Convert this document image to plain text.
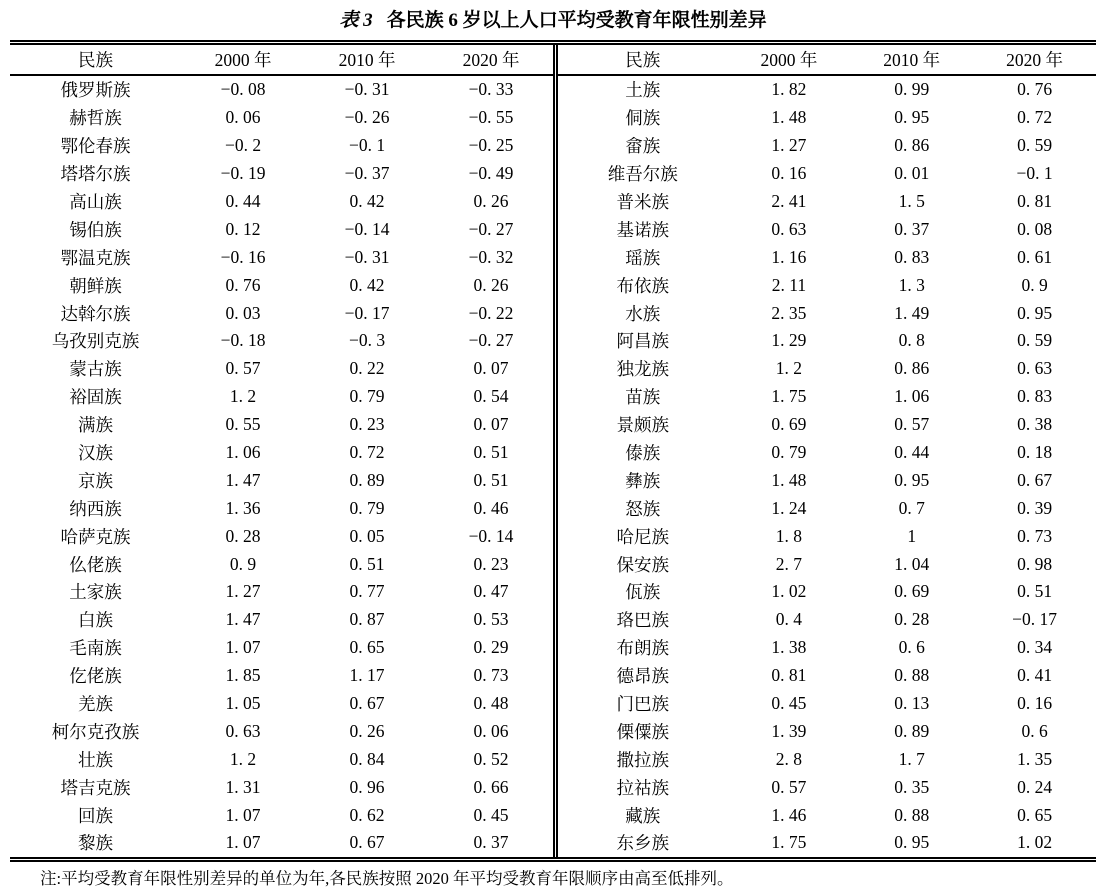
表 3 各民族 6 岁以上人口平均受教育年限性别差异
民族	2000 年	2010 年	2020 年
俄罗斯族	−0. 08	−0. 31	−0. 33
赫哲族	0. 06	−0. 26	−0. 55
鄂伦春族	−0. 2	−0. 1	−0. 25
塔塔尔族	−0. 19	−0. 37	−0. 49
高山族	0. 44	0. 42	0. 26
锡伯族	0. 12	−0. 14	−0. 27
鄂温克族	−0. 16	−0. 31	−0. 32
朝鲜族	0. 76	0. 42	0. 26
达斡尔族	0. 03	−0. 17	−0. 22
乌孜别克族	−0. 18	−0. 3	−0. 27
蒙古族	0. 57	0. 22	0. 07
裕固族	1. 2	0. 79	0. 54
满族	0. 55	0. 23	0. 07
汉族	1. 06	0. 72	0. 51
京族	1. 47	0. 89	0. 51
纳西族	1. 36	0. 79	0. 46
哈萨克族	0. 28	0. 05	−0. 14
仫佬族	0. 9	0. 51	0. 23
土家族	1. 27	0. 77	0. 47
白族	1. 47	0. 87	0. 53
毛南族	1. 07	0. 65	0. 29
仡佬族	1. 85	1. 17	0. 73
羌族	1. 05	0. 67	0. 48
柯尔克孜族	0. 63	0. 26	0. 06
壮族	1. 2	0. 84	0. 52
塔吉克族	1. 31	0. 96	0. 66
回族	1. 07	0. 62	0. 45
黎族	1. 07	0. 67	0. 37
民族	2000 年	2010 年	2020 年
土族	1. 82	0. 99	0. 76
侗族	1. 48	0. 95	0. 72
畲族	1. 27	0. 86	0. 59
维吾尔族	0. 16	0. 01	−0. 1
普米族	2. 41	1. 5	0. 81
基诺族	0. 63	0. 37	0. 08
瑶族	1. 16	0. 83	0. 61
布依族	2. 11	1. 3	0. 9
水族	2. 35	1. 49	0. 95
阿昌族	1. 29	0. 8	0. 59
独龙族	1. 2	0. 86	0. 63
苗族	1. 75	1. 06	0. 83
景颇族	0. 69	0. 57	0. 38
傣族	0. 79	0. 44	0. 18
彝族	1. 48	0. 95	0. 67
怒族	1. 24	0. 7	0. 39
哈尼族	1. 8	1	0. 73
保安族	2. 7	1. 04	0. 98
佤族	1. 02	0. 69	0. 51
珞巴族	0. 4	0. 28	−0. 17
布朗族	1. 38	0. 6	0. 34
德昂族	0. 81	0. 88	0. 41
门巴族	0. 45	0. 13	0. 16
傈僳族	1. 39	0. 89	0. 6
撒拉族	2. 8	1. 7	1. 35
拉祜族	0. 57	0. 35	0. 24
藏族	1. 46	0. 88	0. 65
东乡族	1. 75	0. 95	1. 02
注:平均受教育年限性别差异的单位为年,各民族按照 2020 年平均受教育年限顺序由高至低排列。
